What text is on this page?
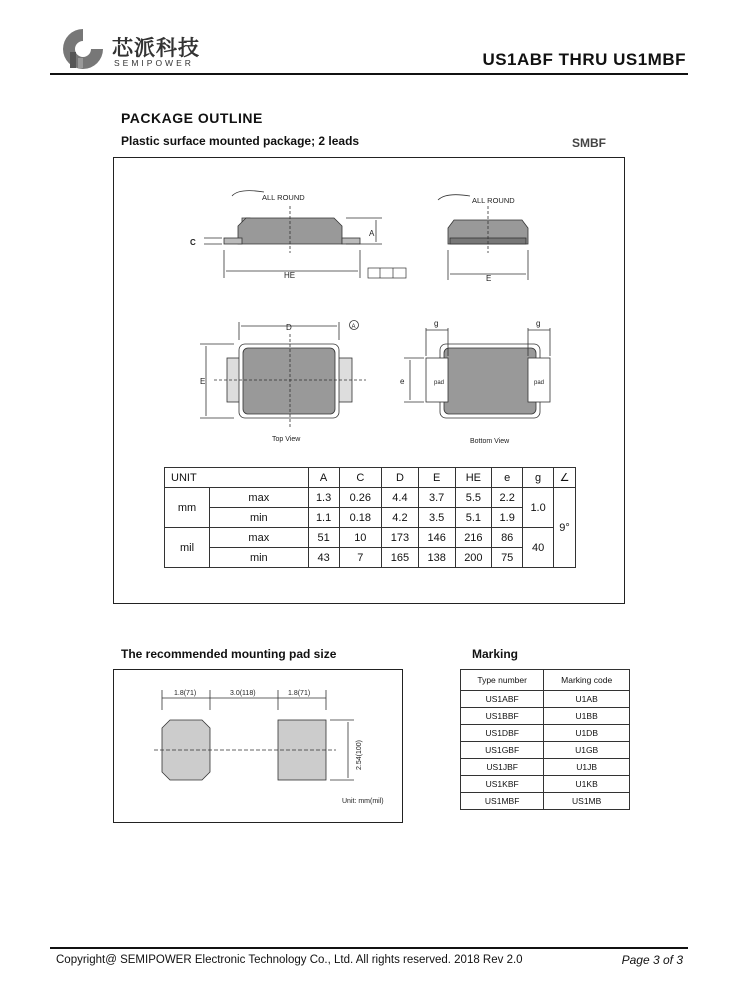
芯派科技
SEMIPOWER	US1ABF THRU US1MBF
PACKAGE OUTLINE
Plastic surface mounted package; 2 leads	SMBF
ALL ROUND	ALL ROUND
C
A
HE	E
D	A
E
g	g
e	pad	pad
Top View	Bottom View
UNIT		A	C	D	E	HE	e	g	∠
mm	max	1.3	0.26	4.4	3.7	5.5	2.2	1.0	9°
	min	1.1	0.18	4.2	3.5	5.1	1.9		
mil	max	51	10	173	146	216	86	40	
	min	43	7	165	138	200	75		
The recommended mounting pad size
1.8(71)	3.0(118)	1.8(71)
2.54(100)
Unit: mm(mil)
Marking
Type number	Marking code
US1ABF	U1AB
US1BBF	U1BB
US1DBF	U1DB
US1GBF	U1GB
US1JBF	U1JB
US1KBF	U1KB
US1MBF	US1MB
Copyright@ SEMIPOWER Electronic Technology Co., Ltd. All rights reserved. 2018 Rev 2.0	Page 3 of 3
